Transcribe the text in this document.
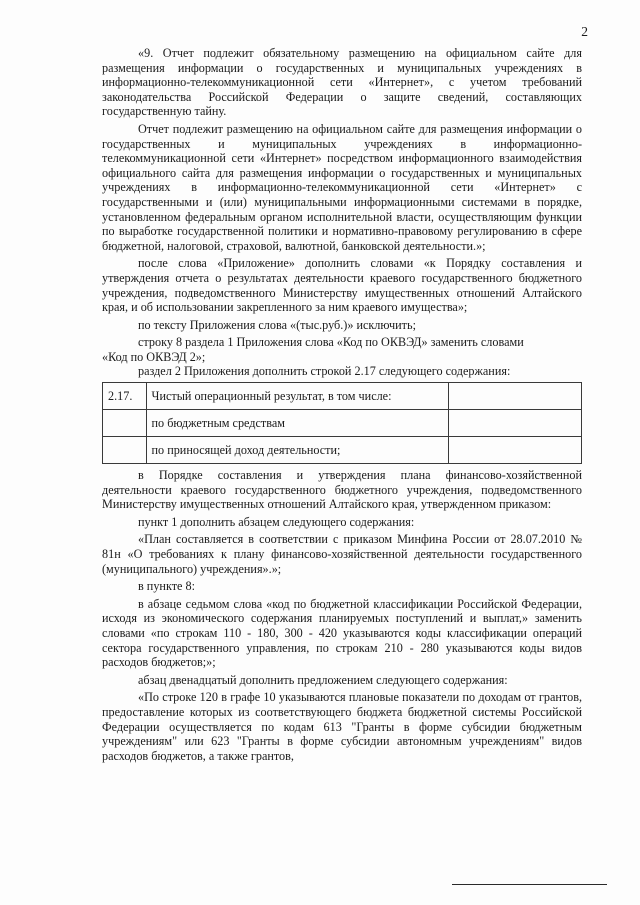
2

«9. Отчет подлежит обязательному размещению на официальном сайте для размещения информации о государственных и муниципальных учреждениях в информационно-телекоммуникационной сети «Интернет», с учетом требований законодательства Российской Федерации о защите сведений, составляющих государственную тайну.

Отчет подлежит размещению на официальном сайте для размещения информации о государственных и муниципальных учреждениях в информационно-телекоммуникационной сети «Интернет» посредством информационного взаимодействия официального сайта для размещения информации о государственных и муниципальных учреждениях в информационно-телекоммуникационной сети «Интернет» с государственными и (или) муниципальными информационными системами в порядке, установленном федеральным органом исполнительной власти, осуществляющим функции по выработке государственной политики и нормативно-правовому регулированию в сфере бюджетной, налоговой, страховой, валютной, банковской деятельности.»;

после слова «Приложение» дополнить словами «к Порядку составления и утверждения отчета о результатах деятельности краевого государственного бюджетного учреждения, подведомственного Министерству имущественных отношений Алтайского края, и об использовании закрепленного за ним краевого имущества»;

по тексту Приложения слова «(тыс.руб.)» исключить;

строку 8 раздела 1 Приложения слова «Код по ОКВЭД» заменить словами

«Код по ОКВЭД 2»;

раздел 2 Приложения дополнить строкой 2.17 следующего содержания:

2.17.	Чистый операционный результат, в том числе:	
	по бюджетным средствам	
	по приносящей доход деятельности;	

в Порядке составления и утверждения плана финансово-хозяйственной деятельности краевого государственного бюджетного учреждения, подведомственного Министерству имущественных отношений Алтайского края, утвержденном приказом:

пункт 1 дополнить абзацем следующего содержания:

«План составляется в соответствии с приказом Минфина России от 28.07.2010 № 81н «О требованиях к плану финансово-хозяйственной деятельности государственного (муниципального) учреждения».»;

в пункте 8:

в абзаце седьмом слова «код по бюджетной классификации Российской Федерации, исходя из экономического содержания планируемых поступлений и выплат,» заменить словами «по строкам 110 - 180, 300 - 420 указываются коды классификации операций сектора государственного управления, по строкам 210 - 280 указываются коды видов расходов бюджетов;»;

абзац двенадцатый дополнить предложением следующего содержания:

«По строке 120 в графе 10 указываются плановые показатели по доходам от грантов, предоставление которых из соответствующего бюджета бюджетной системы Российской Федерации осуществляется по кодам 613 "Гранты в форме субсидии бюджетным учреждениям" или 623 "Гранты в форме субсидии автономным учреждениям" видов расходов бюджетов, а также грантов,
